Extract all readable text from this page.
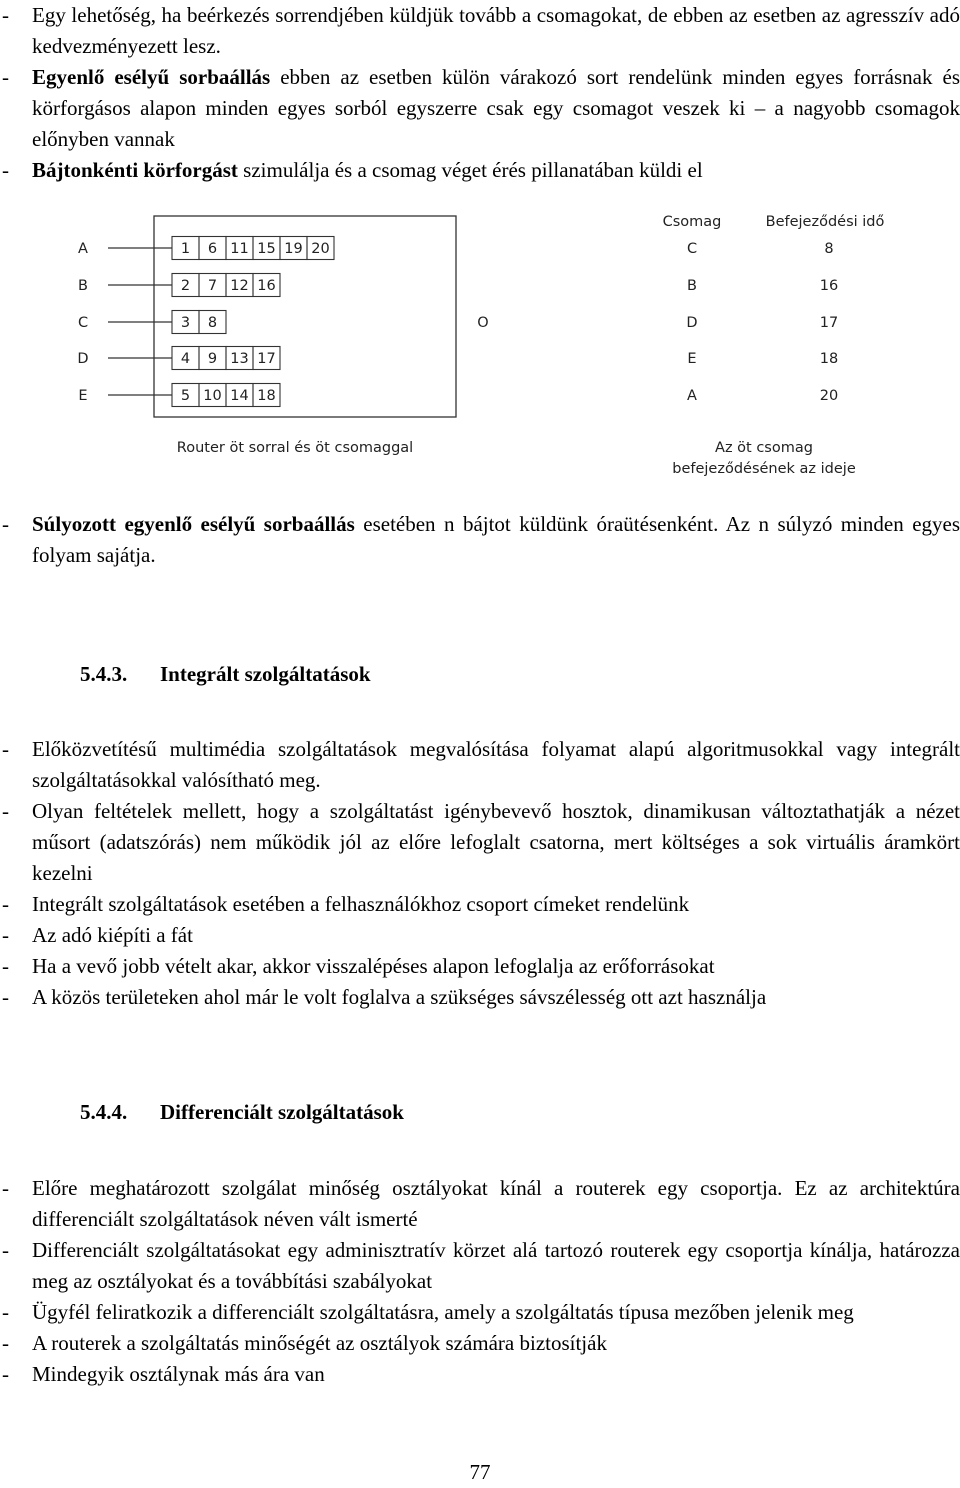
- Egy lehetőség, ha beérkezés sorrendjében küldjük tovább a csomagokat, de ebben az esetben az agresszív adó kedvezményezett lesz.
- Egyenlő esélyű sorbaállás ebben az esetben külön várakozó sort rendelünk minden egyes forrásnak és körforgásos alapon minden egyes sorból egyszerre csak egy csomagot veszek ki – a nagyobb csomagok előnyben vannak
- Bájtonkénti körforgást szimulálja és a csomag véget érés pillanatában küldi el
A	1 6 11 15 19 20
B	2 7 12 16
C	3 8
D	4 9 13 17
E	5 10 14 18
O
Router öt sorral és öt csomaggal
Csomag	Befejeződési idő
C	8
B	16
D	17
E	18
A	20
Az öt csomag
befejeződésének az ideje
- Súlyozott egyenlő esélyű sorbaállás esetében n bájtot küldünk óraütésenként. Az n súlyzó minden egyes folyam sajátja.
5.4.3. Integrált szolgáltatások
- Előközvetítésű multimédia szolgáltatások megvalósítása folyamat alapú algoritmusokkal vagy integrált szolgáltatásokkal valósítható meg.
- Olyan feltételek mellett, hogy a szolgáltatást igénybevevő hosztok, dinamikusan változtathatják a nézet műsort (adatszórás) nem működik jól az előre lefoglalt csatorna, mert költséges a sok virtuális áramkört kezelni
- Integrált szolgáltatások esetében a felhasználókhoz csoport címeket rendelünk
- Az adó kiépíti a fát
- Ha a vevő jobb vételt akar, akkor visszalépéses alapon lefoglalja az erőforrásokat
- A közös területeken ahol már le volt foglalva a szükséges sávszélesség ott azt használja
5.4.4. Differenciált szolgáltatások
- Előre meghatározott szolgálat minőség osztályokat kínál a routerek egy csoportja. Ez az architektúra differenciált szolgáltatások néven vált ismerté
- Differenciált szolgáltatásokat egy adminisztratív körzet alá tartozó routerek egy csoportja kínálja, határozza meg az osztályokat és a továbbítási szabályokat
- Ügyfél feliratkozik a differenciált szolgáltatásra, amely a szolgáltatás típusa mezőben jelenik meg
- A routerek a szolgáltatás minőségét az osztályok számára biztosítják
- Mindegyik osztálynak más ára van
77
